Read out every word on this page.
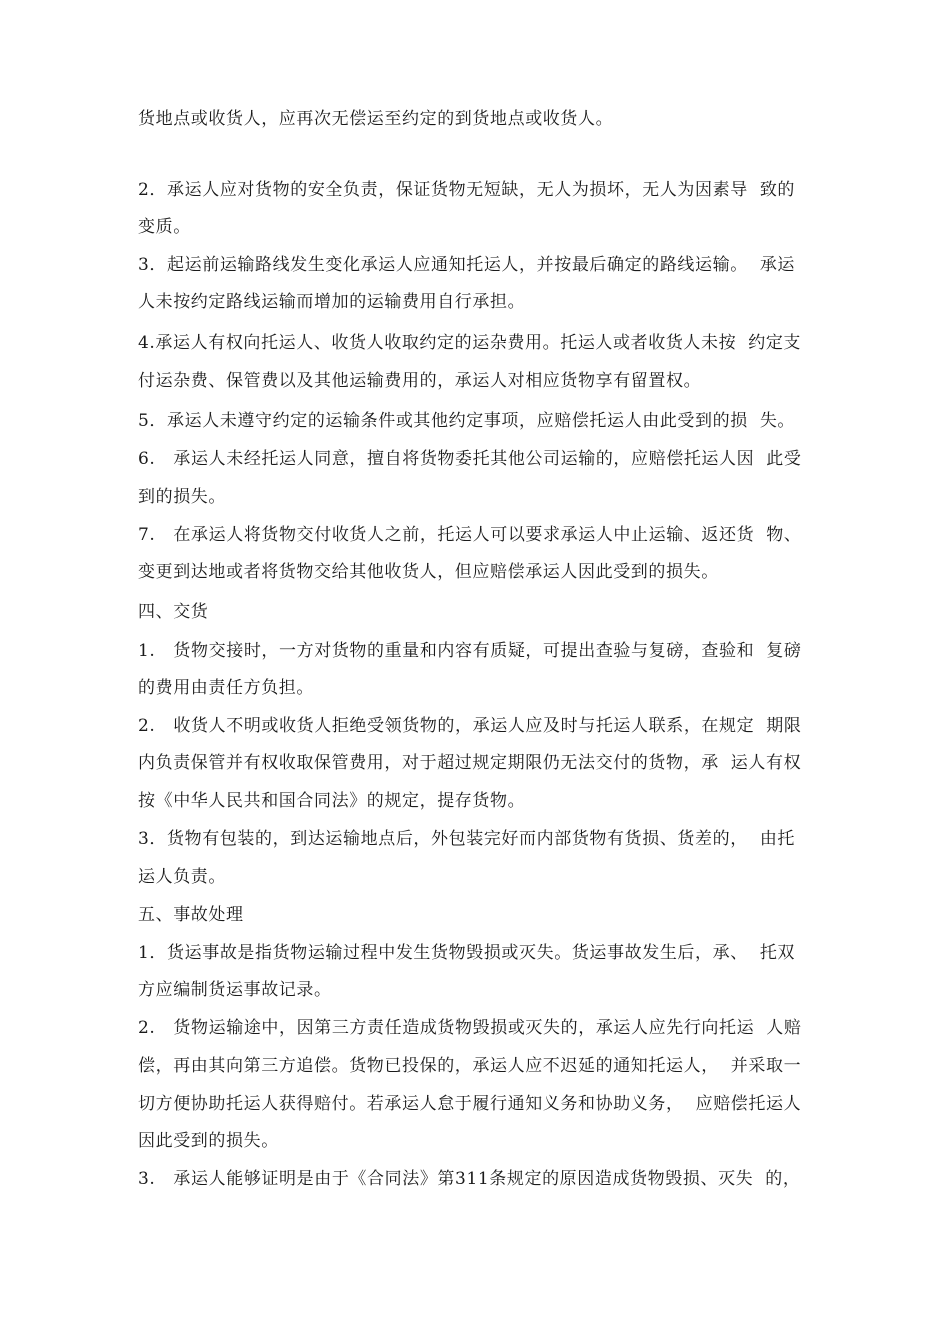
货地点或收货人，应再次无偿运至约定的到货地点或收货人。
2．承运人应对货物的安全负责，保证货物无短缺，无人为损坏，无人为因素导  致的
变质。
3．起运前运输路线发生变化承运人应通知托运人，并按最后确定的路线运输。  承运
人未按约定路线运输而增加的运输费用自行承担。
4.承运人有权向托运人、收货人收取约定的运杂费用。托运人或者收货人未按  约定支
付运杂费、保管费以及其他运输费用的，承运人对相应货物享有留置权。
5．承运人未遵守约定的运输条件或其他约定事项，应赔偿托运人由此受到的损  失。
6.   承运人未经托运人同意，擅自将货物委托其他公司运输的，应赔偿托运人因  此受
到的损失。
7.   在承运人将货物交付收货人之前，托运人可以要求承运人中止运输、返还货  物、
变更到达地或者将货物交给其他收货人，但应赔偿承运人因此受到的损失。
四、交货
1.   货物交接时，一方对货物的重量和内容有质疑，可提出查验与复磅，查验和  复磅
的费用由责任方负担。
2.   收货人不明或收货人拒绝受领货物的，承运人应及时与托运人联系，在规定  期限
内负责保管并有权收取保管费用，对于超过规定期限仍无法交付的货物，承  运人有权
按《中华人民共和国合同法》的规定，提存货物。
3．货物有包装的，到达运输地点后，外包装完好而内部货物有货损、货差的，  由托
运人负责。
五、事故处理
1．货运事故是指货物运输过程中发生货物毁损或灭失。货运事故发生后，承、  托双
方应编制货运事故记录。
2.   货物运输途中，因第三方责任造成货物毁损或灭失的，承运人应先行向托运  人赔
偿，再由其向第三方追偿。货物已投保的，承运人应不迟延的通知托运人，  并采取一
切方便协助托运人获得赔付。若承运人怠于履行通知义务和协助义务，  应赔偿托运人
因此受到的损失。
3.   承运人能够证明是由于《合同法》第311条规定的原因造成货物毁损、灭失  的，
